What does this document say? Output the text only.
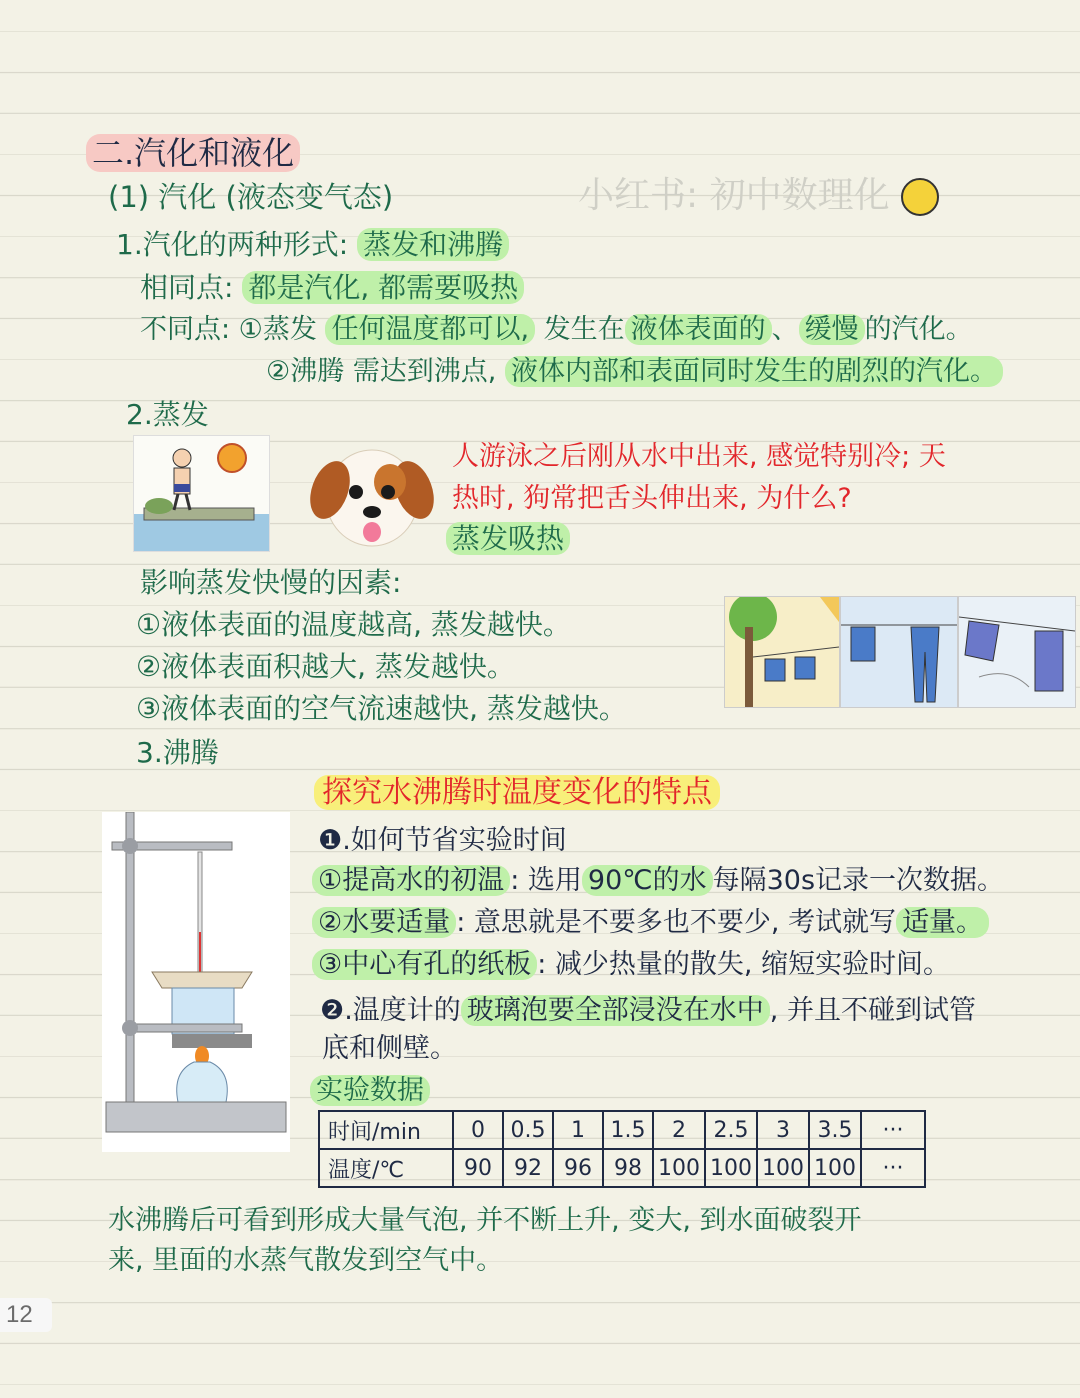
二.汽化和液化
(1) 汽化 (液态变气态)	小红书: 初中数理化
1.汽化的两种形式: 蒸发和沸腾
相同点: 都是汽化, 都需要吸热
不同点: ①蒸发 任何温度都可以, 发生在 液体表面的 、 缓慢 的汽化。
②沸腾 需达到沸点, 液体内部和表面同时发生的剧烈的汽化。
2.蒸发
人游泳之后刚从水中出来, 感觉特别冷; 天
热时, 狗常把舌头伸出来, 为什么?
蒸发吸热
影响蒸发快慢的因素:
①液体表面的温度越高, 蒸发越快。
②液体表面积越大, 蒸发越快。
③液体表面的空气流速越快, 蒸发越快。
3.沸腾
探究水沸腾时温度变化的特点
❶.如何节省实验时间
①提高水的初温 : 选用 90℃的水 每隔30s记录一次数据。
②水要适量 : 意思就是不要多也不要少, 考试就写 适量。
③中心有孔的纸板 : 减少热量的散失, 缩短实验时间。
❷.温度计的 玻璃泡要全部浸没在水中 , 并且不碰到试管
底和侧壁。
实验数据
时间/min	0	0.5	1	1.5	2	2.5	3	3.5	···
温度/℃	90	92	96	98	100	100	100	100	···
水沸腾后可看到形成大量气泡, 并不断上升, 变大, 到水面破裂开
来, 里面的水蒸气散发到空气中。
12
